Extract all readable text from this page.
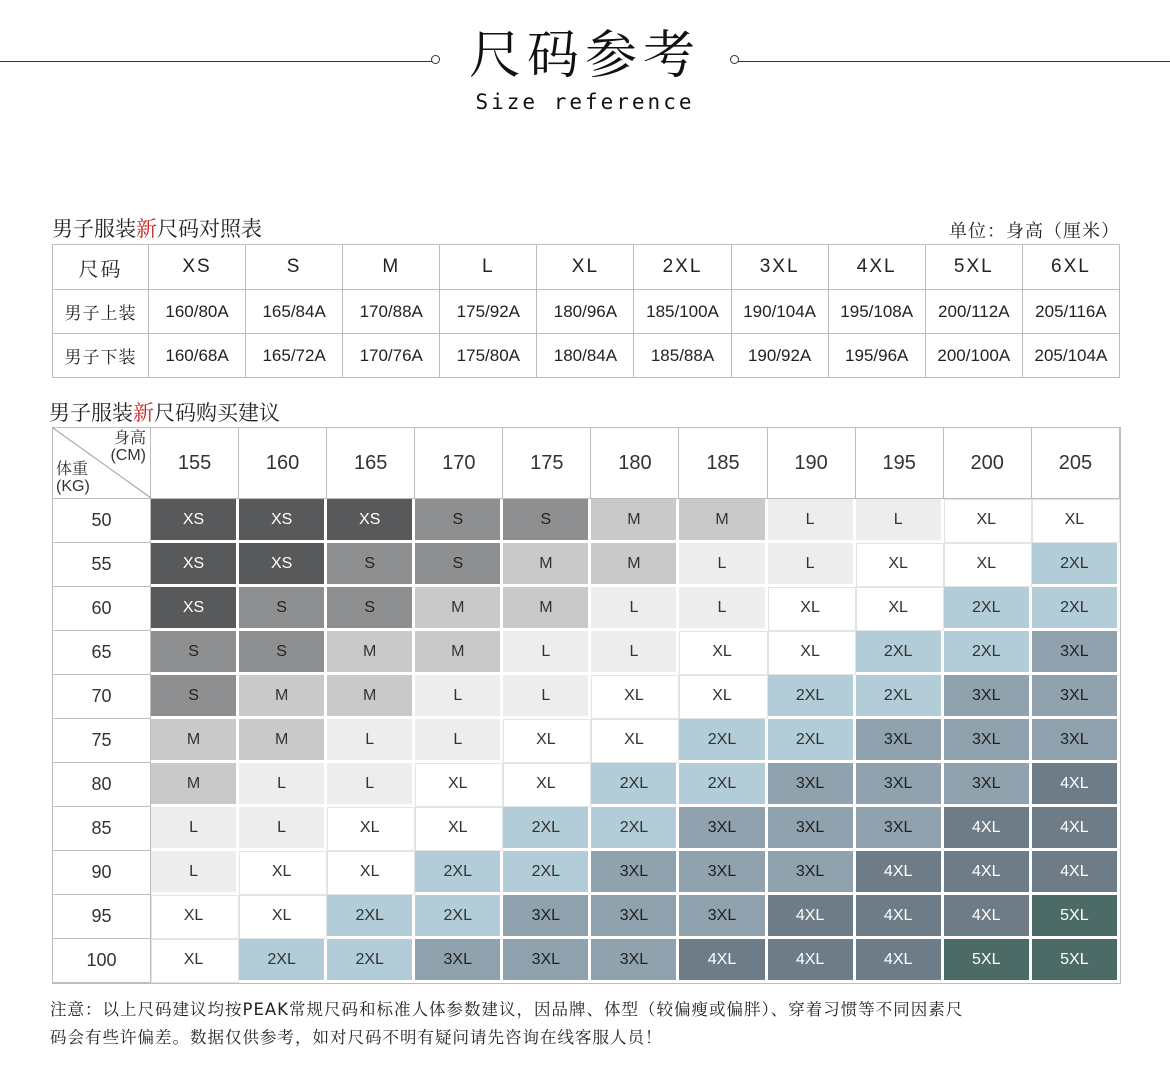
尺码参考
Size reference
男子服装新尺码对照表	单位：身高（厘米）
尺码	XS	S	M	L	XL	2XL	3XL	4XL	5XL	6XL
男子上装	160/80A	165/84A	170/88A	175/92A	180/96A	185/100A	190/104A	195/108A	200/112A	205/116A
男子下装	160/68A	165/72A	170/76A	175/80A	180/84A	185/88A	190/92A	195/96A	200/100A	205/104A
男子服装新尺码购买建议
身高
(CM)
体重
(KG)	155	160	165	170	175	180	185	190	195	200	205
50	XS	XS	XS	S	S	M	M	L	L	XL	XL
55	XS	XS	S	S	M	M	L	L	XL	XL	2XL
60	XS	S	S	M	M	L	L	XL	XL	2XL	2XL
65	S	S	M	M	L	L	XL	XL	2XL	2XL	3XL
70	S	M	M	L	L	XL	XL	2XL	2XL	3XL	3XL
75	M	M	L	L	XL	XL	2XL	2XL	3XL	3XL	3XL
80	M	L	L	XL	XL	2XL	2XL	3XL	3XL	3XL	4XL
85	L	L	XL	XL	2XL	2XL	3XL	3XL	3XL	4XL	4XL
90	L	XL	XL	2XL	2XL	3XL	3XL	3XL	4XL	4XL	4XL
95	XL	XL	2XL	2XL	3XL	3XL	3XL	4XL	4XL	4XL	5XL
100	XL	2XL	2XL	3XL	3XL	3XL	4XL	4XL	4XL	5XL	5XL
注意：以上尺码建议均按PEAK常规尺码和标准人体参数建议，因品牌、体型（较偏瘦或偏胖）、穿着习惯等不同因素尺
码会有些许偏差。数据仅供参考，如对尺码不明有疑问请先咨询在线客服人员！
